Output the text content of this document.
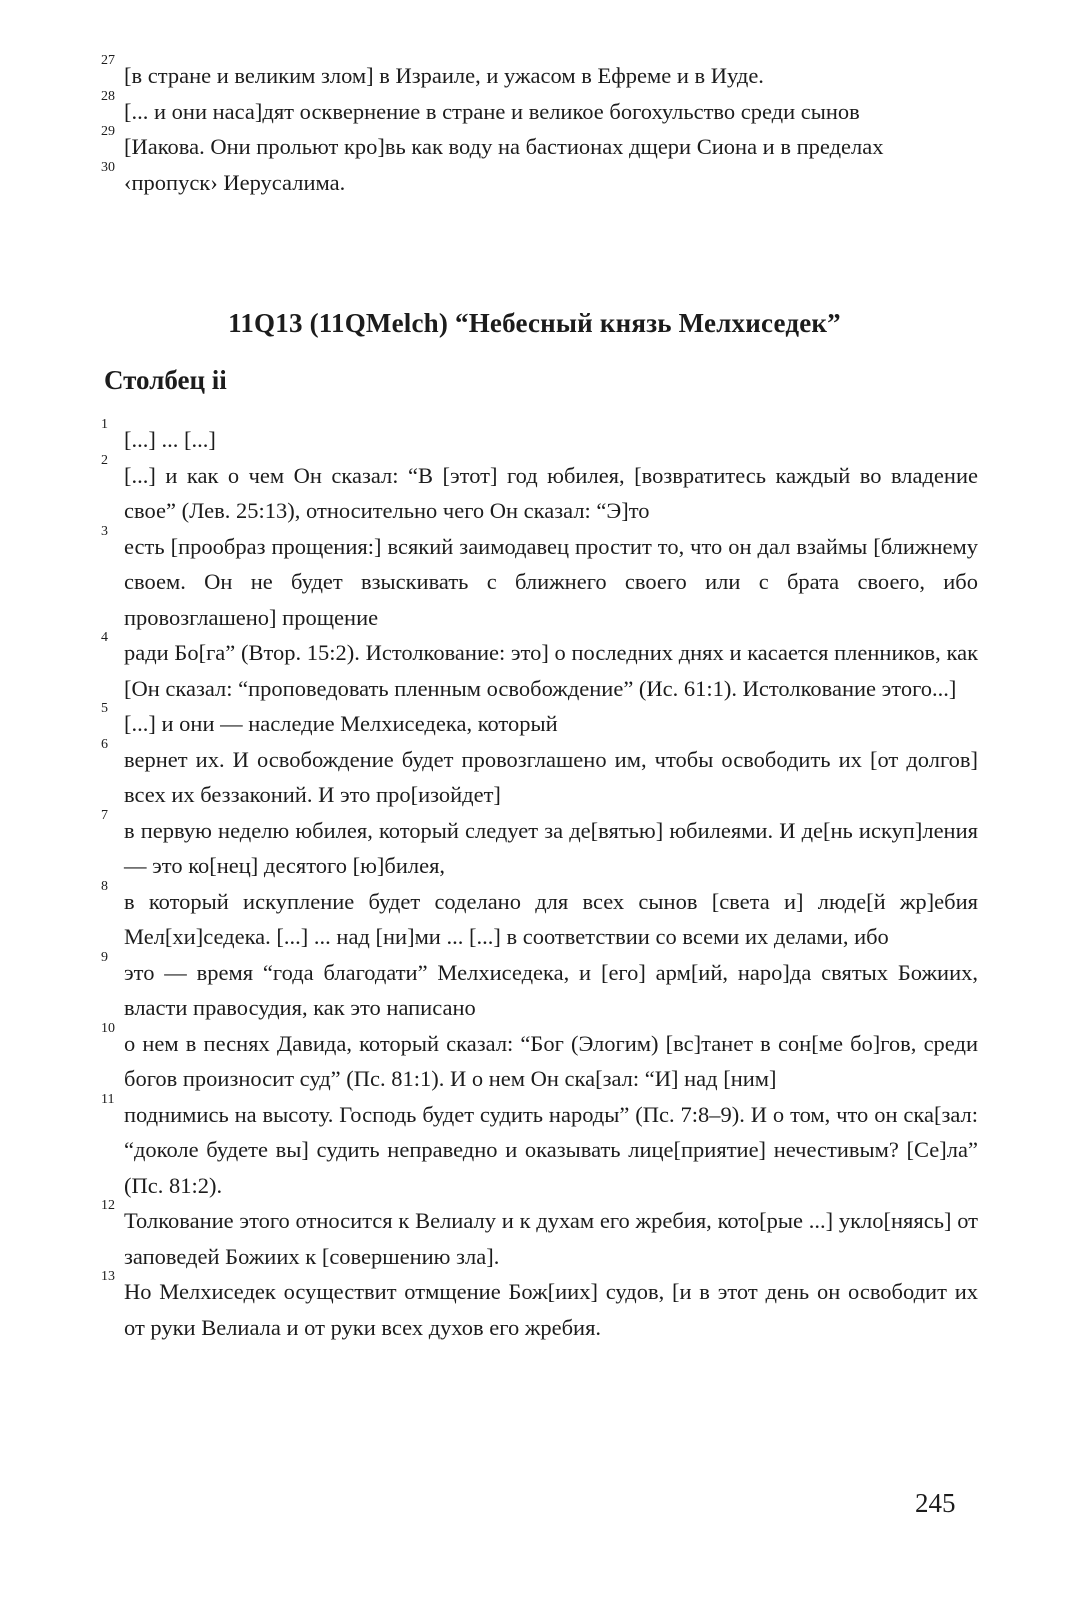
27
[в стране и великим злом] в Израиле, и ужасом в Ефреме и в Иуде.
28
[... и они наса]дят осквернение в стране и великое богохульство среди сынов
29
[Иакова. Они прольют кро]вь как воду на бастионах дщери Сиона и в пределах
30
‹пропуск› Иерусалима.
11Q13 (11QMelch) “Небесный князь Мелхиседек”
Столбец ii
1
[...] ... [...]
2
[...] и как о чем Он сказал: “В [этот] год юбилея, [возвратитесь каждый во владение свое” (Лев. 25:13), относительно чего Он сказал: “Э]то
3
есть [прообраз прощения:] всякий заимодавец простит то, что он дал взаймы [ближнему своем. Он не будет взыскивать с ближнего своего или с брата своего, ибо провозглашено] прощение
4
ради Бо[га” (Втор. 15:2). Истолкование: это] о последних днях и касается пленников, как [Он сказал: “проповедовать пленным освобождение” (Ис. 61:1). Истолкование этого...]
5
[...] и они — наследие Мелхиседека, который
6
вернет их. И освобождение будет провозглашено им, чтобы освободить их [от долгов] всех их беззаконий. И это про[изойдет]
7
в первую неделю юбилея, который следует за де[вятью] юбилеями. И де[нь искуп]ления — это ко[нец] десятого [ю]билея,
8
в который искупление будет соделано для всех сынов [света и] люде[й жр]ебия Мел[хи]седека. [...] ... над [ни]ми ... [...] в соответствии со всеми их делами, ибо
9
это — время “года благодати” Мелхиседека, и [его] арм[ий, наро]да святых Божиих, власти правосудия, как это написано
10
о нем в песнях Давида, который сказал: “Бог (Элогим) [вс]танет в сон[ме бо]гов, среди богов произносит суд” (Пс. 81:1). И о нем Он ска[зал: “И] над [ним]
11
поднимись на высоту. Господь будет судить народы” (Пс. 7:8–9). И о том, что он ска[зал: “доколе будете вы] судить неправедно и оказывать лице[приятие] нечестивым? [Се]ла” (Пс. 81:2).
12
Толкование этого относится к Велиалу и к духам его жребия, кото[рые ...] укло[няясь] от заповедей Божиих к [совершению зла].
13
Но Мелхиседек осуществит отмщение Бож[иих] судов, [и в этот день он освободит их от руки Велиала и от руки всех духов его жребия.
245
